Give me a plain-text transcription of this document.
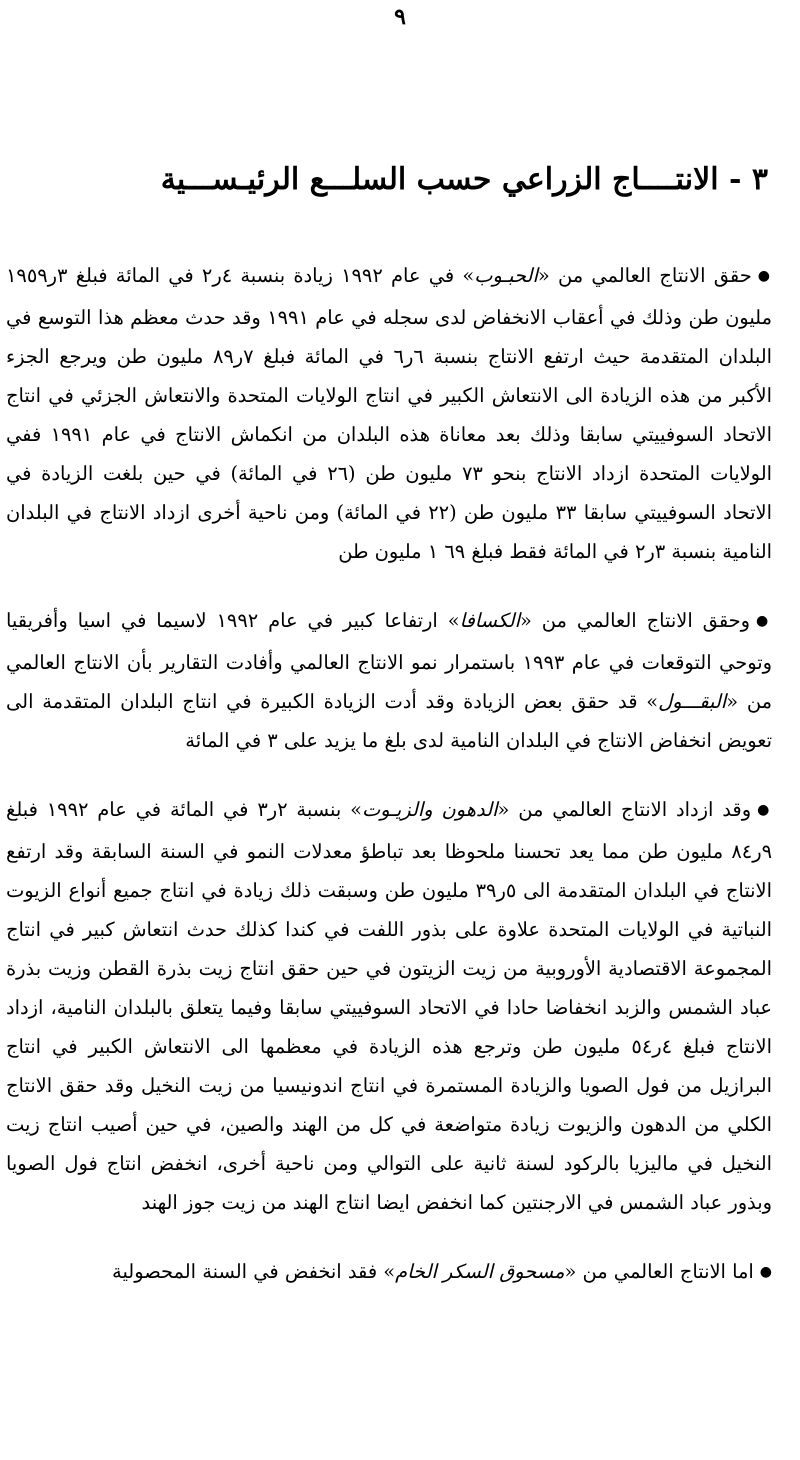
٩
٣ - الانتــــاج الزراعي حسب السلـــع الرئيـســـية

●حقق الانتاج العالمي من «الحبـوب» في عام ١٩٩٢ زيادة بنسبة ٤ر٢ في المائة فبلغ ٣ر١٩٥٩ مليون طن وذلك في أعقاب الانخفاض لدى سجله في عام ١٩٩١ وقد حدث معظم هذا التوسع في البلدان المتقدمة حيث ارتفع الانتاج بنسبة ٦ر٦ في المائة فبلغ ٧ر٨٩ مليون طن ويرجع الجزء الأكبر من هذه الزيادة الى الانتعاش الكبير في انتاج الولايات المتحدة والانتعاش الجزئي في انتاج الاتحاد السوفييتي سابقا وذلك بعد معاناة هذه البلدان من انكماش الانتاج في عام ١٩٩١ ففي الولايات المتحدة ازداد الانتاج بنحو ٧٣ مليون طن (٢٦ في المائة) في حين بلغت الزيادة في الاتحاد السوفييتي سابقا ٣٣ مليون طن (٢٢ في المائة) ومن ناحية أخرى ازداد الانتاج في البلدان النامية بنسبة ٣ر٢ في المائة فقط فبلغ ٦٩ ١ مليون طن

●وحقق الانتاج العالمي من «الكسافا» ارتفاعا كبير في عام ١٩٩٢ لاسيما في اسيا وأفريقيا وتوحي التوقعات في عام ١٩٩٣ باستمرار نمو الانتاج العالمي وأفادت التقارير بأن الانتاج العالمي من «البقـــول» قد حقق بعض الزيادة وقد أدت الزيادة الكبيرة في انتاج البلدان المتقدمة الى تعويض انخفاض الانتاج في البلدان النامية لدى بلغ ما يزيد على ٣ في المائة

●وقد ازداد الانتاج العالمي من «الدهون والزيـوت» بنسبة ٢ر٣ في المائة في عام ١٩٩٢ فبلغ ٩ر٨٤ مليون طن مما يعد تحسنا ملحوظا بعد تباطؤ معدلات النمو في السنة السابقة وقد ارتفع الانتاج في البلدان المتقدمة الى ٥ر٣٩ مليون طن وسبقت ذلك زيادة في انتاج جميع أنواع الزيوت النباتية في الولايات المتحدة علاوة على بذور اللفت في كندا كذلك حدث انتعاش كبير في انتاج المجموعة الاقتصادية الأوروبية من زيت الزيتون في حين حقق انتاج زيت بذرة القطن وزيت بذرة عباد الشمس والزبد انخفاضا حادا في الاتحاد السوفييتي سابقا وفيما يتعلق بالبلدان النامية، ازداد الانتاج فبلغ ٤ر٥٤ مليون طن وترجع هذه الزيادة في معظمها الى الانتعاش الكبير في انتاج البرازيل من فول الصويا والزيادة المستمرة في انتاج اندونيسيا من زيت النخيل وقد حقق الانتاج الكلي من الدهون والزيوت زيادة متواضعة في كل من الهند والصين، في حين أصيب انتاج زيت النخيل في ماليزيا بالركود لسنة ثانية على التوالي ومن ناحية أخرى، انخفض انتاج فول الصويا وبذور عباد الشمس في الارجنتين كما انخفض ايضا انتاج الهند من زيت جوز الهند

●اما الانتاج العالمي من «مسحوق السكر الخام» فقد انخفض في السنة المحصولية
